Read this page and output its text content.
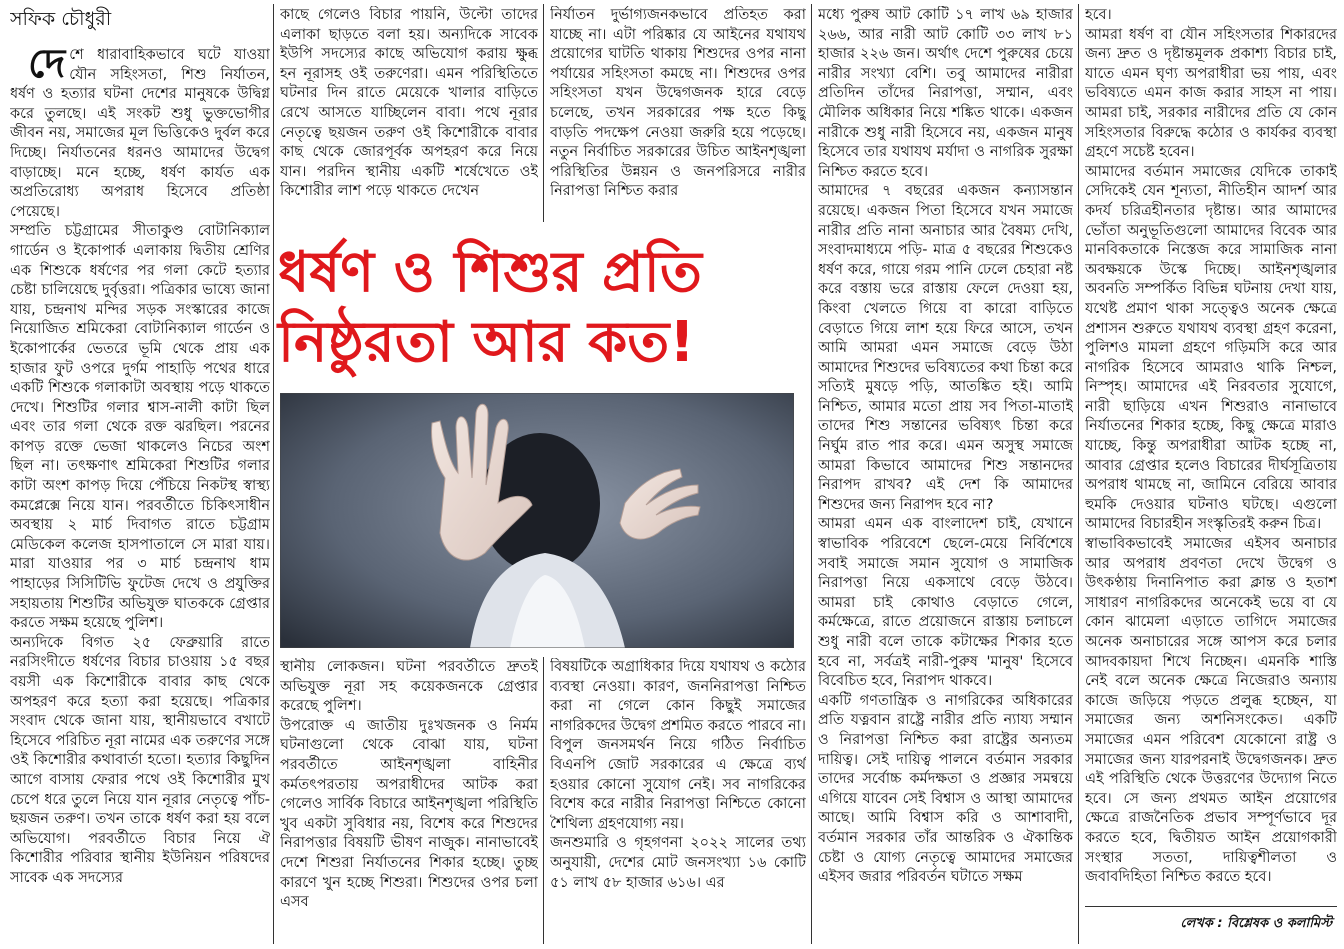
সফিক চৌধুরী

দেশে ধারাবাহিকভাবে ঘটে যাওয়া যৌন সহিংসতা, শিশু নির্যাতন, ধর্ষণ ও হত্যার ঘটনা দেশের মানুষকে উদ্বিগ্ন করে তুলছে। এই সংকট শুধু ভুক্তভোগীর জীবন নয়, সমাজের মূল ভিত্তিকেও দুর্বল করে দিচ্ছে। নির্যাতনের ধরনও আমাদের উদ্বেগ বাড়াচ্ছে। মনে হচ্ছে, ধর্ষণ কার্যত এক অপ্রতিরোধ্য অপরাধ হিসেবে প্রতিষ্ঠা পেয়েছে।

সম্প্রতি চট্টগ্রামের সীতাকুণ্ড বোটানিক্যাল গার্ডেন ও ইকোপার্ক এলাকায় দ্বিতীয় শ্রেণির এক শিশুকে ধর্ষণের পর গলা কেটে হত্যার চেষ্টা চালিয়েছে দুর্বৃত্তরা। পত্রিকার ভাষ্যে জানা যায়, চন্দ্রনাথ মন্দির সড়ক সংস্কারের কাজে নিয়োজিত শ্রমিকেরা বোটানিক্যাল গার্ডেন ও ইকোপার্কের ভেতরে ভূমি থেকে প্রায় এক হাজার ফুট ওপরে দুর্গম পাহাড়ি পথের ধারে একটি শিশুকে গলাকাটা অবস্থায় পড়ে থাকতে দেখে। শিশুটির গলার শ্বাস-নালী কাটা ছিল এবং তার গলা থেকে রক্ত ঝরছিল। পরনের কাপড় রক্তে ভেজা থাকলেও নিচের অংশ ছিল না। তৎক্ষণাৎ শ্রমিকেরা শিশুটির গলার কাটা অংশ কাপড় দিয়ে পেঁচিয়ে নিকটস্থ স্বাস্থ্য কমপ্লেক্সে নিয়ে যান। পরবর্তীতে চিকিৎসাধীন অবস্থায় ২ মার্চ দিবাগত রাতে চট্টগ্রাম মেডিকেল কলেজ হাসপাতালে সে মারা যায়। মারা যাওয়ার পর ৩ মার্চ চন্দ্রনাথ ধাম পাহাড়ের সিসিটিভি ফুটেজ দেখে ও প্রযুক্তির সহায়তায় শিশুটির অভিযুক্ত ঘাতককে গ্রেপ্তার করতে সক্ষম হয়েছে পুলিশ।

অন্যদিকে বিগত ২৫ ফেব্রুয়ারি রাতে নরসিংদীতে ধর্ষণের বিচার চাওয়ায় ১৫ বছর বয়সী এক কিশোরীকে বাবার কাছ থেকে অপহরণ করে হত্যা করা হয়েছে। পত্রিকার সংবাদ থেকে জানা যায়, স্থানীয়ভাবে বখাটে হিসেবে পরিচিত নূরা নামের এক তরুণের সঙ্গে ওই কিশোরীর কথাবার্তা হতো। হত্যার কিছুদিন আগে বাসায় ফেরার পথে ওই কিশোরীর মুখ চেপে ধরে তুলে নিয়ে যান নূরার নেতৃত্বে পাঁচ-ছয়জন তরুণ। তখন তাকে ধর্ষণ করা হয় বলে অভিযোগ। পরবর্তীতে বিচার নিয়ে ঐ কিশোরীর পরিবার স্থানীয় ইউনিয়ন পরিষদের সাবেক এক সদস্যের

কাছে গেলেও বিচার পায়নি, উল্টো তাদের এলাকা ছাড়তে বলা হয়। অন্যদিকে সাবেক ইউপি সদস্যের কাছে অভিযোগ করায় ক্ষুব্ধ হন নূরাসহ ওই তরুণেরা। এমন পরিস্থিতিতে ঘটনার দিন রাতে মেয়েকে খালার বাড়িতে রেখে আসতে যাচ্ছিলেন বাবা। পথে নূরার নেতৃত্বে ছয়জন তরুণ ওই কিশোরীকে বাবার কাছ থেকে জোরপূর্বক অপহরণ করে নিয়ে যান। পরদিন স্থানীয় একটি শর্ষেখেতে ওই কিশোরীর লাশ পড়ে থাকতে দেখেন

নির্যাতন দুর্ভাগ্যজনকভাবে প্রতিহত করা যাচ্ছে না। এটা পরিষ্কার যে আইনের যথাযথ প্রয়োগের ঘাটতি থাকায় শিশুদের ওপর নানা পর্যায়ের সহিংসতা কমছে না। শিশুদের ওপর সহিংসতা যখন উদ্বেগজনক হারে বেড়ে চলেছে, তখন সরকারের পক্ষ হতে কিছু বাড়তি পদক্ষেপ নেওয়া জরুরি হয়ে পড়েছে। নতুন নির্বাচিত সরকারের উচিত আইনশৃঙ্খলা পরিস্থিতির উন্নয়ন ও জনপরিসরে নারীর নিরাপত্তা নিশ্চিত করার

ধর্ষণ ও শিশুর প্রতি
নিষ্ঠুরতা আর কত!

স্থানীয় লোকজন। ঘটনা পরবর্তীতে দ্রুতই অভিযুক্ত নূরা সহ কয়েকজনকে গ্রেপ্তার করেছে পুলিশ।

উপরোক্ত এ জাতীয় দুঃখজনক ও নির্মম ঘটনাগুলো থেকে বোঝা যায়, ঘটনা পরবর্তীতে আইনশৃঙ্খলা বাহিনীর কর্মতৎপরতায় অপরাধীদের আটক করা গেলেও সার্বিক বিচারে আইনশৃঙ্খলা পরিস্থিতি খুব একটা সুবিধার নয়, বিশেষ করে শিশুদের নিরাপত্তার বিষয়টি ভীষণ নাজুক। নানাভাবেই দেশে শিশুরা নির্যাতনের শিকার হচ্ছে। তুচ্ছ কারণে খুন হচ্ছে শিশুরা। শিশুদের ওপর চলা এসব

বিষয়টিকে অগ্রাধিকার দিয়ে যথাযথ ও কঠোর ব্যবস্থা নেওয়া। কারণ, জননিরাপত্তা নিশ্চিত করা না গেলে কোন কিছুই সমাজের নাগরিকদের উদ্বেগ প্রশমিত করতে পারবে না। বিপুল জনসমর্থন নিয়ে গঠিত নির্বাচিত বিএনপি জোট সরকারের এ ক্ষেত্রে ব্যর্থ হওয়ার কোনো সুযোগ নেই। সব নাগরিকের বিশেষ করে নারীর নিরাপত্তা নিশ্চিতে কোনো শৈথিল্য গ্রহণযোগ্য নয়।

জনশুমারি ও গৃহগণনা ২০২২ সালের তথ্য অনুযায়ী, দেশের মোট জনসংখ্যা ১৬ কোটি ৫১ লাখ ৫৮ হাজার ৬১৬। এর

মধ্যে পুরুষ আট কোটি ১৭ লাখ ৬৯ হাজার ২৬৬, আর নারী আট কোটি ৩৩ লাখ ৮১ হাজার ২২৬ জন। অর্থাৎ দেশে পুরুষের চেয়ে নারীর সংখ্যা বেশি। তবু আমাদের নারীরা প্রতিদিন তাঁদের নিরাপত্তা, সম্মান, এবং মৌলিক অধিকার নিয়ে শঙ্কিত থাকে। একজন নারীকে শুধু নারী হিসেবে নয়, একজন মানুষ হিসেবে তার যথাযথ মর্যাদা ও নাগরিক সুরক্ষা নিশ্চিত করতে হবে।

আমাদের ৭ বছরের একজন কন্যাসন্তান রয়েছে। একজন পিতা হিসেবে যখন সমাজে নারীর প্রতি নানা অনাচার আর বৈষম্য দেখি, সংবাদমাধ্যমে পড়ি- মাত্র ৫ বছরের শিশুকেও ধর্ষণ করে, গায়ে গরম পানি ঢেলে চেহারা নষ্ট করে বস্তায় ভরে রাস্তায় ফেলে দেওয়া হয়, কিংবা খেলতে গিয়ে বা কারো বাড়িতে বেড়াতে গিয়ে লাশ হয়ে ফিরে আসে, তখন আমি আমরা এমন সমাজে বেড়ে উঠা আমাদের শিশুদের ভবিষ্যতের কথা চিন্তা করে সত্যিই মুষড়ে পড়ি, আতঙ্কিত হই। আমি নিশ্চিত, আমার মতো প্রায় সব পিতা-মাতাই তাদের শিশু সন্তানের ভবিষ্যৎ চিন্তা করে নির্ঘুম রাত পার করে। এমন অসুস্থ সমাজে আমরা কিভাবে আমাদের শিশু সন্তানদের নিরাপদ রাখব? এই দেশ কি আমাদের শিশুদের জন্য নিরাপদ হবে না?

আমরা এমন এক বাংলাদেশ চাই, যেখানে স্বাভাবিক পরিবেশে ছেলে-মেয়ে নির্বিশেষে সবাই সমাজে সমান সুযোগ ও সামাজিক নিরাপত্তা নিয়ে একসাথে বেড়ে উঠবে। আমরা চাই কোথাও বেড়াতে গেলে, কর্মক্ষেত্রে, রাতে প্রয়োজনে রাস্তায় চলাচলে শুধু নারী বলে তাকে কটাক্ষের শিকার হতে হবে না, সর্বত্রই নারী-পুরুষ 'মানুষ' হিসেবে বিবেচিত হবে, নিরাপদ থাকবে।

একটি গণতান্ত্রিক ও নাগরিকের অধিকারের প্রতি যত্নবান রাষ্ট্রে নারীর প্রতি ন্যায্য সম্মান ও নিরাপত্তা নিশ্চিত করা রাষ্ট্রের অন্যতম দায়িত্ব। সেই দায়িত্ব পালনে বর্তমান সরকার তাদের সর্বোচ্চ কর্মদক্ষতা ও প্রজ্ঞার সমন্বয়ে এগিয়ে যাবেন সেই বিশ্বাস ও আস্থা আমাদের আছে। আমি বিশ্বাস করি ও আশাবাদী, বর্তমান সরকার তাঁর আন্তরিক ও ঐকান্তিক চেষ্টা ও যোগ্য নেতৃত্বে আমাদের সমাজের এইসব জরার পরিবর্তন ঘটাতে সক্ষম

হবে।

আমরা ধর্ষণ বা যৌন সহিংসতার শিকারদের জন্য দ্রুত ও দৃষ্টান্তমূলক প্রকাশ্য বিচার চাই, যাতে এমন ঘৃণ্য অপরাধীরা ভয় পায়, এবং ভবিষ্যতে এমন কাজ করার সাহস না পায়। আমরা চাই, সরকার নারীদের প্রতি যে কোন সহিংসতার বিরুদ্ধে কঠোর ও কার্যকর ব্যবস্থা গ্রহণে সচেষ্ট হবেন।

আমাদের বর্তমান সমাজের যেদিকে তাকাই সেদিকেই যেন শূন্যতা, নীতিহীন আদর্শ আর কদর্য চরিত্রহীনতার দৃষ্টান্ত। আর আমাদের ভোঁতা অনুভূতিগুলো আমাদের বিবেক আর মানবিকতাকে নিস্তেজ করে সামাজিক নানা অবক্ষয়কে উস্কে দিচ্ছে। আইনশৃঙ্খলার অবনতি সম্পর্কিত বিভিন্ন ঘটনায় দেখা যায়, যথেষ্ট প্রমাণ থাকা সত্ত্বেও অনেক ক্ষেত্রে প্রশাসন শুরুতে যথাযথ ব্যবস্থা গ্রহণ করেনা, পুলিশও মামলা গ্রহণে গড়িমসি করে আর নাগরিক হিসেবে আমরাও থাকি নিশ্চল, নিস্পৃহ। আমাদের এই নিরবতার সুযোগে, নারী ছাড়িয়ে এখন শিশুরাও নানাভাবে নির্যাতনের শিকার হচ্ছে, কিছু ক্ষেত্রে মারাও যাচ্ছে, কিন্তু অপরাধীরা আটক হচ্ছে না, আবার গ্রেপ্তার হলেও বিচারের দীর্ঘসূত্রিতায় অপরাধ থামছে না, জামিনে বেরিয়ে আবার হুমকি দেওয়ার ঘটনাও ঘটছে। এগুলো আমাদের বিচারহীন সংস্কৃতিরই করুন চিত্র।

স্বাভাবিকভাবেই সমাজের এইসব অনাচার আর অপরাধ প্রবণতা দেখে উদ্বেগ ও উৎকণ্ঠায় দিনানিপাত করা ক্লান্ত ও হতাশ সাধারণ নাগরিকদের অনেকেই ভয়ে বা যে কোন ঝামেলা এড়াতে তাগিদে সমাজের অনেক অনাচারের সঙ্গে আপস করে চলার আদবকায়দা শিখে নিচ্ছেন। এমনকি শাস্তি নেই বলে অনেক ক্ষেত্রে নিজেরাও অন্যায় কাজে জড়িয়ে পড়তে প্রলুব্ধ হচ্ছেন, যা সমাজের জন্য অশনিসংকেত। একটি সমাজের এমন পরিবেশ যেকোনো রাষ্ট্র ও সমাজের জন্য যারপরনাই উদ্বেগজনক। দ্রুত এই পরিস্থিতি থেকে উত্তরণের উদ্যোগ নিতে হবে। সে জন্য প্রথমত আইন প্রয়োগের ক্ষেত্রে রাজনৈতিক প্রভাব সম্পূর্ণভাবে দূর করতে হবে, দ্বিতীয়ত আইন প্রয়োগকারী সংস্থার সততা, দায়িত্বশীলতা ও জবাবদিহিতা নিশ্চিত করতে হবে।

লেখক : বিশ্লেষক ও কলামিস্ট
